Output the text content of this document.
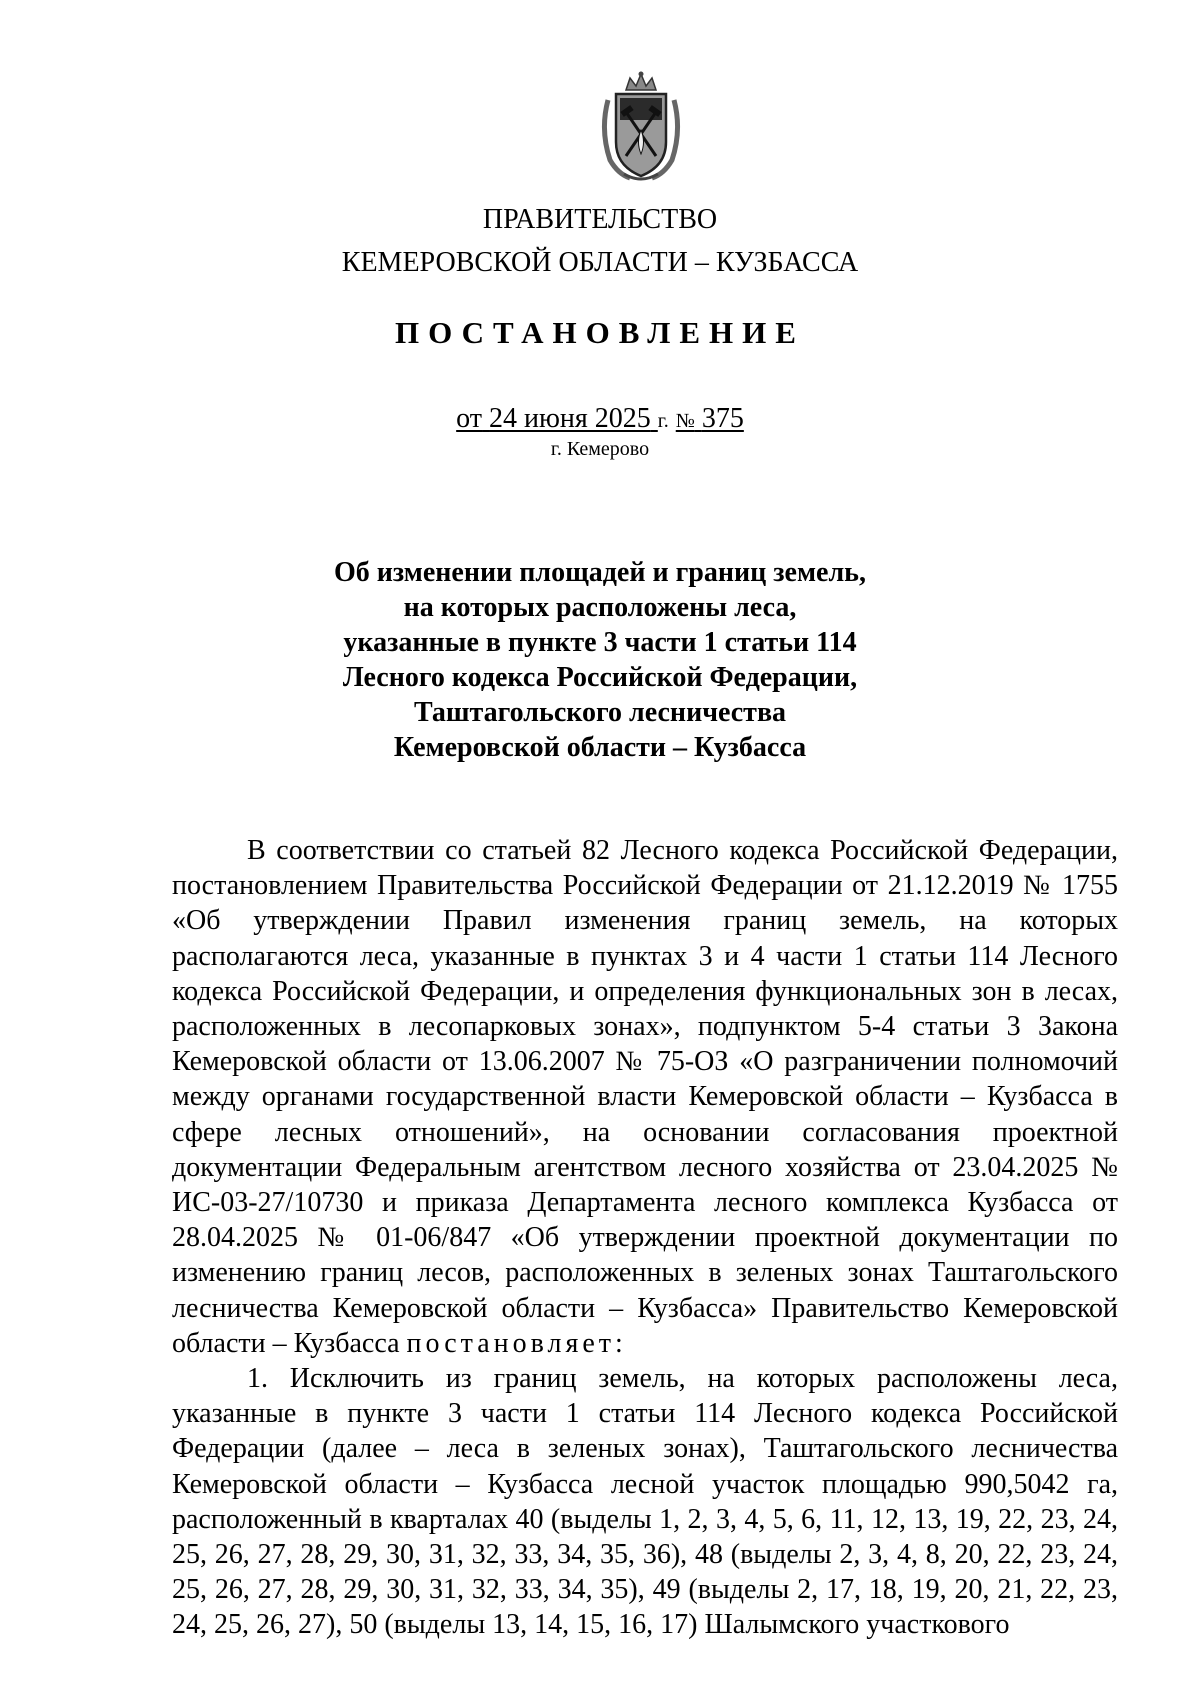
ПРАВИТЕЛЬСТВО
КЕМЕРОВСКОЙ ОБЛАСТИ – КУЗБАССА
ПОСТАНОВЛЕНИЕ
от 24 июня 2025 г. № 375
г. Кемерово
Об изменении площадей и границ земель,
на которых расположены леса,
указанные в пункте 3 части 1 статьи 114
Лесного кодекса Российской Федерации,
Таштагольского лесничества
Кемеровской области – Кузбасса

В соответствии со статьей 82 Лесного кодекса Российской Федерации, постановлением Правительства Российской Федерации от 21.12.2019 № 1755 «Об утверждении Правил изменения границ земель, на которых располагаются леса, указанные в пунктах 3 и 4 части 1 статьи 114 Лесного кодекса Российской Федерации, и определения функциональных зон в лесах, расположенных в лесопарковых зонах», подпунктом 5-4 статьи 3 Закона Кемеровской области от 13.06.2007 № 75-ОЗ «О разграничении полномочий между органами государственной власти Кемеровской области – Кузбасса в сфере лесных отношений», на основании согласования проектной документации Федеральным агентством лесного хозяйства от 23.04.2025 № ИС-03-27/10730 и приказа Департамента лесного комплекса Кузбасса от 28.04.2025 № 01-06/847 «Об утверждении проектной документации по изменению границ лесов, расположенных в зеленых зонах Таштагольского лесничества Кемеровской области – Кузбасса» Правительство Кемеровской области – Кузбасса постановляет:

1. Исключить из границ земель, на которых расположены леса, указанные в пункте 3 части 1 статьи 114 Лесного кодекса Российской Федерации (далее – леса в зеленых зонах), Таштагольского лесничества Кемеровской области – Кузбасса лесной участок площадью 990,5042 га, расположенный в кварталах 40 (выделы 1, 2, 3, 4, 5, 6, 11, 12, 13, 19, 22, 23, 24, 25, 26, 27, 28, 29, 30, 31, 32, 33, 34, 35, 36), 48 (выделы 2, 3, 4, 8, 20, 22, 23, 24, 25, 26, 27, 28, 29, 30, 31, 32, 33, 34, 35), 49 (выделы 2, 17, 18, 19, 20, 21, 22, 23, 24, 25, 26, 27), 50 (выделы 13, 14, 15, 16, 17) Шалымского участкового
